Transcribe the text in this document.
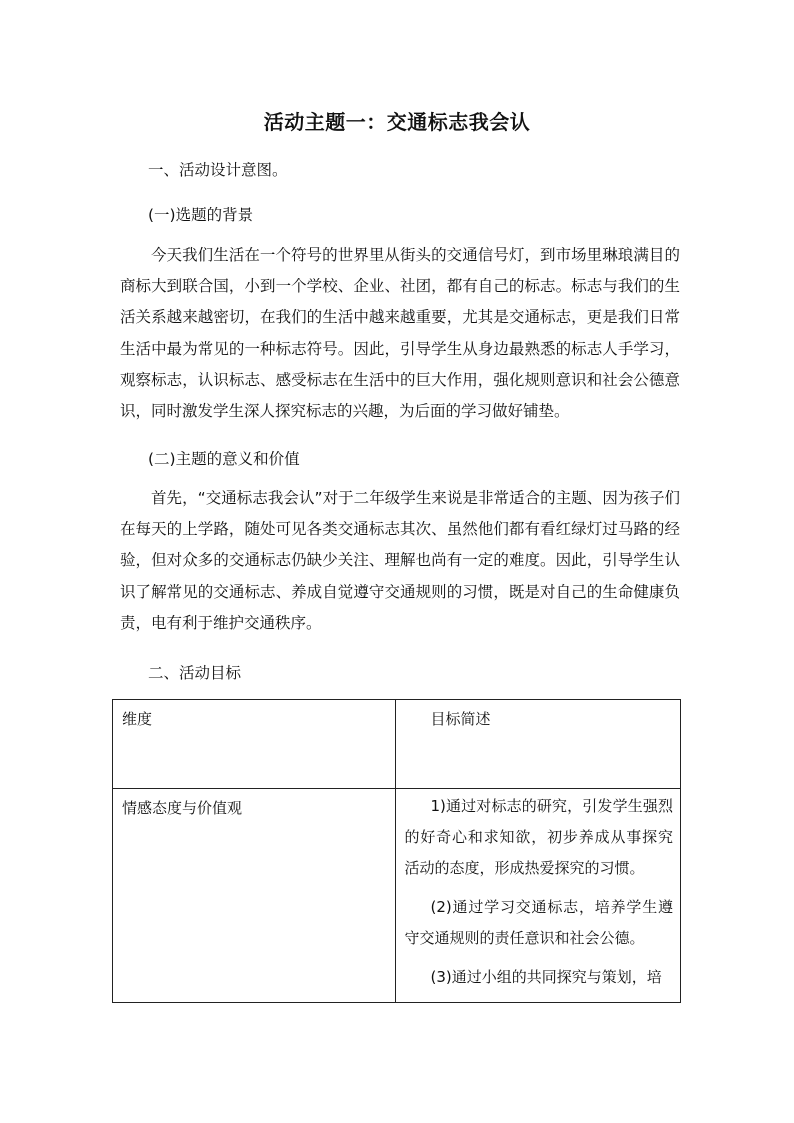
活动主题一：交通标志我会认
一、活动设计意图。
(一)选题的背景

今天我们生活在一个符号的世界里从街头的交通信号灯，到市场里琳琅满目的商标大到联合国，小到一个学校、企业、社团，都有自己的标志。标志与我们的生活关系越来越密切，在我们的生活中越来越重要，尤其是交通标志，更是我们日常生活中最为常见的一种标志符号。因此，引导学生从身边最熟悉的标志人手学习，观察标志，认识标志、感受标志在生活中的巨大作用，强化规则意识和社会公德意识，同时激发学生深人探究标志的兴趣，为后面的学习做好铺垫。

(二)主题的意义和价值

首先，“交通标志我会认”对于二年级学生来说是非常适合的主题、因为孩子们在每天的上学路，随处可见各类交通标志其次、虽然他们都有看红绿灯过马路的经验，但对众多的交通标志仍缺少关注、理解也尚有一定的难度。因此，引导学生认识了解常见的交通标志、养成自觉遵守交通规则的习惯，既是对自己的生命健康负责，电有利于维护交通秩序。

二、活动目标
维度	目标简述

情感态度与价值观	1)通过对标志的研究，引发学生强烈的好奇心和求知欲，初步养成从事探究活动的态度，形成热爱探究的习惯。

(2)通过学习交通标志，培养学生遵守交通规则的责任意识和社会公德。

(3)通过小组的共同探究与策划，培
